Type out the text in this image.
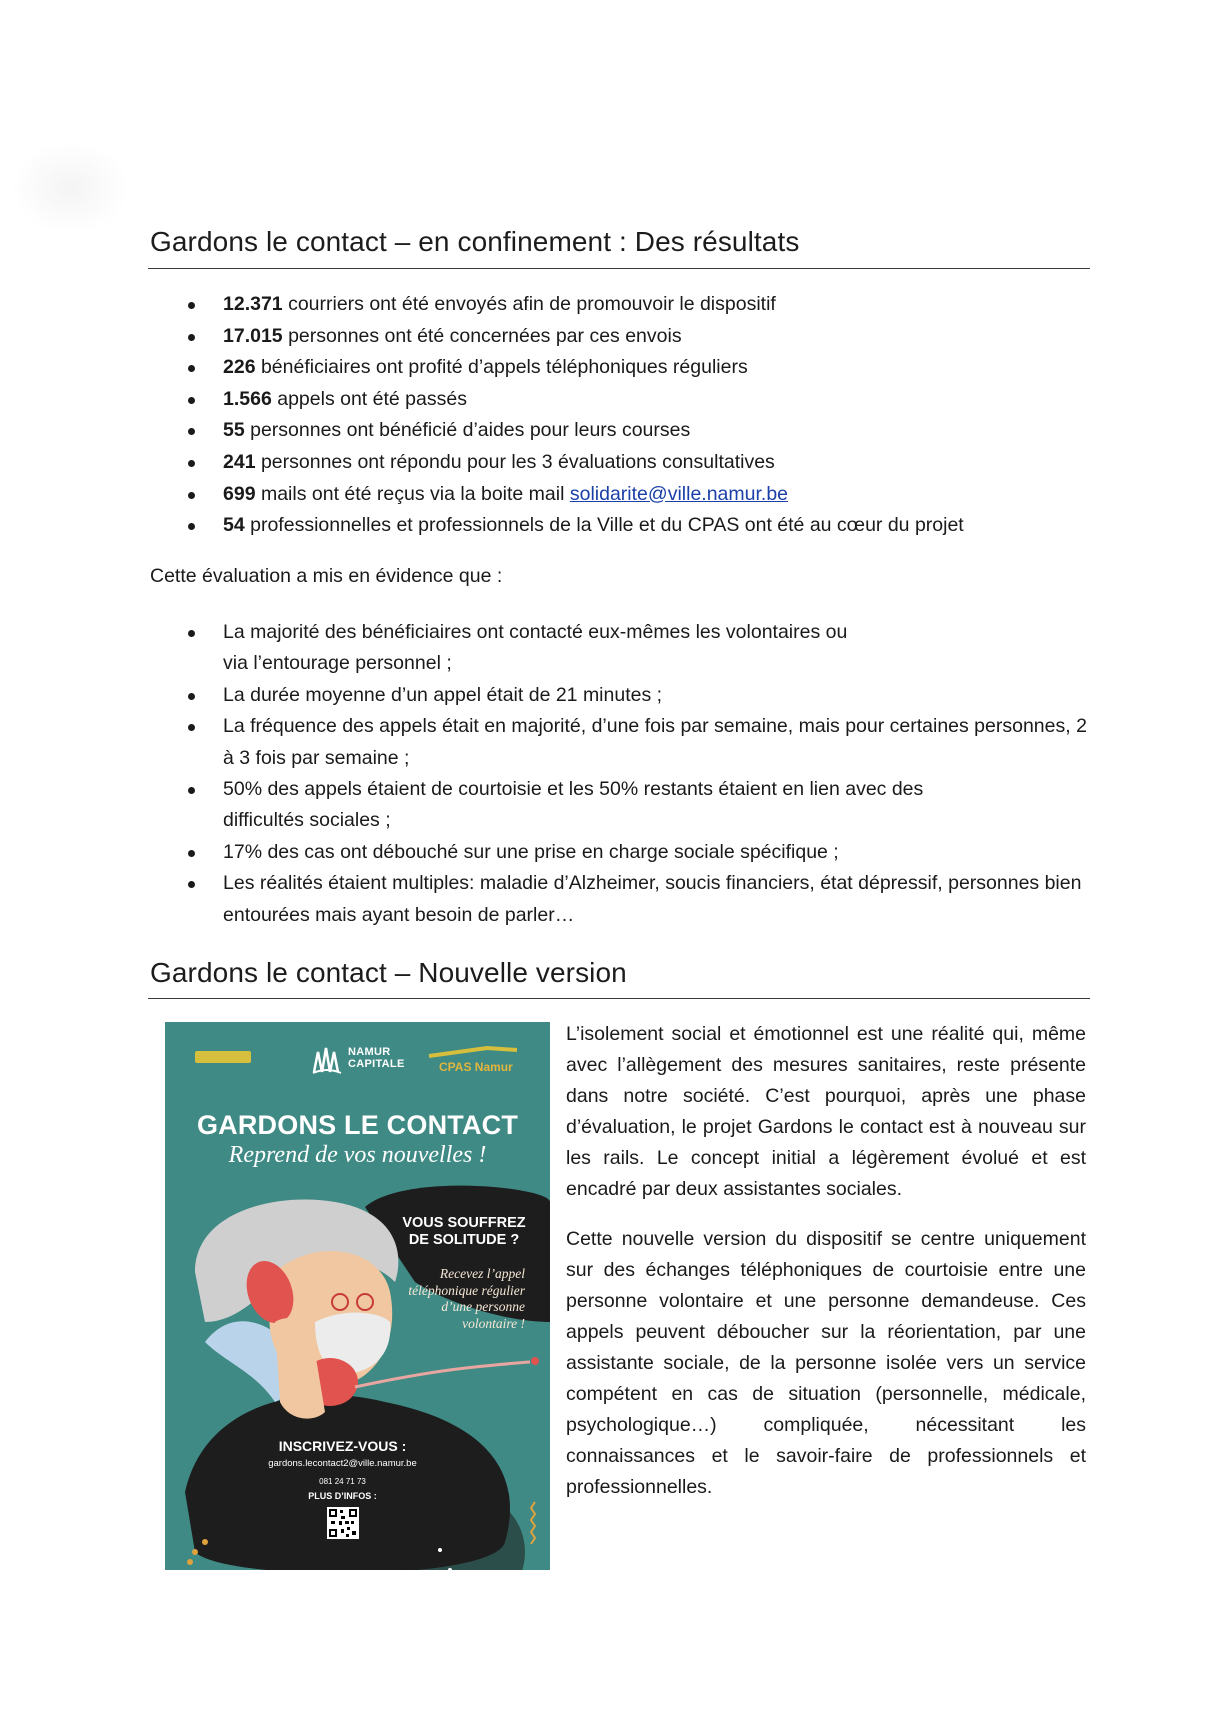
Gardons le contact – en confinement : Des résultats
12.371 courriers ont été envoyés afin de promouvoir le dispositif
17.015 personnes ont été concernées par ces envois
226 bénéficiaires ont profité d’appels téléphoniques réguliers
1.566 appels ont été passés
55 personnes ont bénéficié d’aides pour leurs courses
241 personnes ont répondu pour les 3 évaluations consultatives
699 mails ont été reçus via la boite mail solidarite@ville.namur.be
54 professionnelles et professionnels de la Ville et du CPAS ont été au cœur du projet

Cette évaluation a mis en évidence que :

La majorité des bénéficiaires ont contacté eux-mêmes les volontaires ou via l’entourage personnel ;
La durée moyenne d’un appel était de 21 minutes ;
La fréquence des appels était en majorité, d’une fois par semaine, mais pour certaines personnes, 2 à 3 fois par semaine ;
50% des appels étaient de courtoisie et les 50% restants étaient en lien avec des difficultés sociales ;
17% des cas ont débouché sur une prise en charge sociale spécifique ;
Les réalités étaient multiples: maladie d’Alzheimer, soucis financiers, état dépressif, personnes bien entourées mais ayant besoin de parler…
Gardons le contact – Nouvelle version
NAMUR CAPITALE	CPAS Namur
GARDONS LE CONTACT
Reprend de vos nouvelles !
VOUS SOUFFREZ DE SOLITUDE ?
Recevez l’appel téléphonique régulier d’une personne volontaire !
INSCRIVEZ-VOUS :
gardons.lecontact2@ville.namur.be
081 24 71 73
PLUS D’INFOS :

L’isolement social et émotionnel est une réalité qui, même avec l’allègement des mesures sanitaires, reste présente dans notre société. C’est pourquoi, après une phase d’évaluation, le projet Gardons le contact est à nouveau sur les rails. Le concept initial a légèrement évolué et est encadré par deux assistantes sociales.

Cette nouvelle version du dispositif se centre uniquement sur des échanges téléphoniques de courtoisie entre une personne volontaire et une personne demandeuse. Ces appels peuvent déboucher sur la réorientation, par une assistante sociale, de la personne isolée vers un service compétent en cas de situation (personnelle, médicale, psychologique…) compliquée, nécessitant les connaissances et le savoir-faire de professionnels et professionnelles.
